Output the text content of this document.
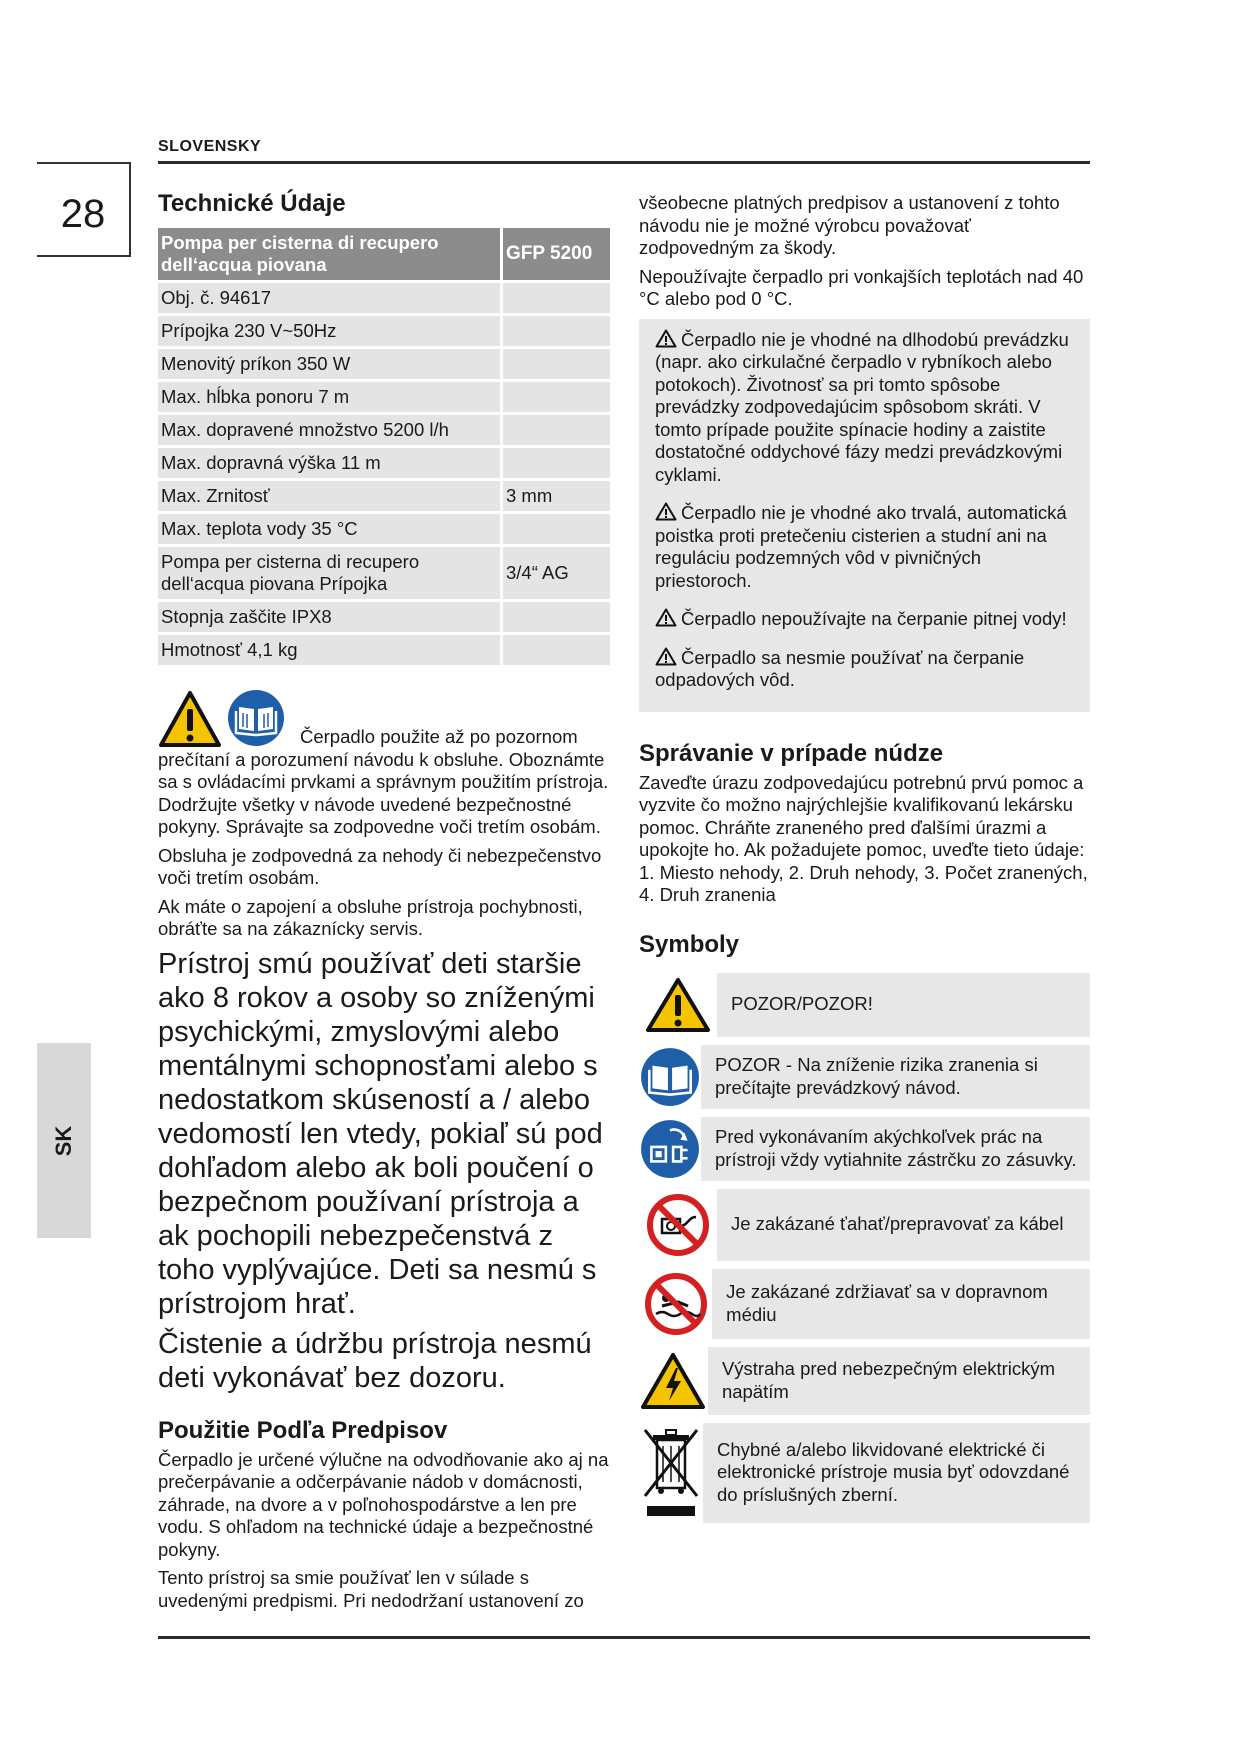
SLOVENSKY
28
SK
Technické Údaje
Pompa per cisterna di recupero dell‘acqua piovana	GFP 5200
Obj. č. 94617	
Prípojka 230 V~50Hz	
Menovitý príkon 350 W	
Max. hĺbka ponoru 7 m	
Max. dopravené množstvo 5200 l/h	
Max. dopravná výška 11 m	
Max. Zrnitosť	3 mm
Max. teplota vody 35 °C	
Pompa per cisterna di recupero dell‘acqua piovana Prípojka	3/4“ AG
Stopnja zaščite IPX8	
Hmotnosť 4,1 kg	

Čerpadlo použite až po pozornom prečítaní a porozumení návodu k obsluhe. Oboznámte sa s ovládacími prvkami a správnym použitím prístroja. Dodržujte všetky v návode uvedené bezpečnostné pokyny. Správajte sa zodpovedne voči tretím osobám.

Obsluha je zodpovedná za nehody či nebezpečenstvo voči tretím osobám.

Ak máte o zapojení a obsluhe prístroja pochybnosti, obráťte sa na zákaznícky servis.

Prístroj smú používať deti staršie ako 8 rokov a osoby so zníženými psychickými, zmyslovými alebo mentálnymi schopnosťami alebo s nedostatkom skúseností a / alebo vedomostí len vtedy, pokiaľ sú pod dohľadom alebo ak boli poučení o bezpečnom používaní prístroja a ak pochopili nebezpečenstvá z toho vyplývajúce. Deti sa nesmú s prístrojom hrať.

Čistenie a údržbu prístroja nesmú deti vykonávať bez dozoru.

Použitie Podľa Predpisov

Čerpadlo je určené výlučne na odvodňovanie ako aj na prečerpávanie a odčerpávanie nádob v domácnosti, záhrade, na dvore a v poľnohospodárstve a len pre vodu. S ohľadom na technické údaje a bezpečnostné pokyny.

Tento prístroj sa smie používať len v súlade s uvedenými predpismi. Pri nedodržaní ustanovení zo

všeobecne platných predpisov a ustanovení z tohto návodu nie je možné výrobcu považovať zodpovedným za škody.

Nepoužívajte čerpadlo pri vonkajších teplotách nad 40 °C alebo pod 0 °C.

Čerpadlo nie je vhodné na dlhodobú prevádzku (napr. ako cirkulačné čerpadlo v rybníkoch alebo potokoch). Životnosť sa pri tomto spôsobe prevádzky zodpovedajúcim spôsobom skráti. V tomto prípade použite spínacie hodiny a zaistite dostatočné oddychové fázy medzi prevádzkovými cyklami.

Čerpadlo nie je vhodné ako trvalá, automatická poistka proti pretečeniu cisterien a studní ani na reguláciu podzemných vôd v pivničných priestoroch.

Čerpadlo nepoužívajte na čerpanie pitnej vody!

Čerpadlo sa nesmie používať na čerpanie odpadových vôd.

Správanie v prípade núdze

Zaveďte úrazu zodpovedajúcu potrebnú prvú pomoc a vyzvite čo možno najrýchlejšie kvalifikovanú lekársku pomoc. Chráňte zraneného pred ďalšími úrazmi a upokojte ho. Ak požadujete pomoc, uveďte tieto údaje: 1. Miesto nehody, 2. Druh nehody, 3. Počet zranených, 4. Druh zranenia

Symboly
POZOR/POZOR!
POZOR - Na zníženie rizika zranenia si prečítajte prevádzkový návod.
Pred vykonávaním akýchkoľvek prác na prístroji vždy vytiahnite zástrčku zo zásuvky.
Je zakázané ťahať/prepravovať za kábel
Je zakázané zdržiavať sa v dopravnom médiu
Výstraha pred nebezpečným elektrickým napätím
Chybné a/alebo likvidované elektrické či elektronické prístroje musia byť odovzdané do príslušných zberní.
